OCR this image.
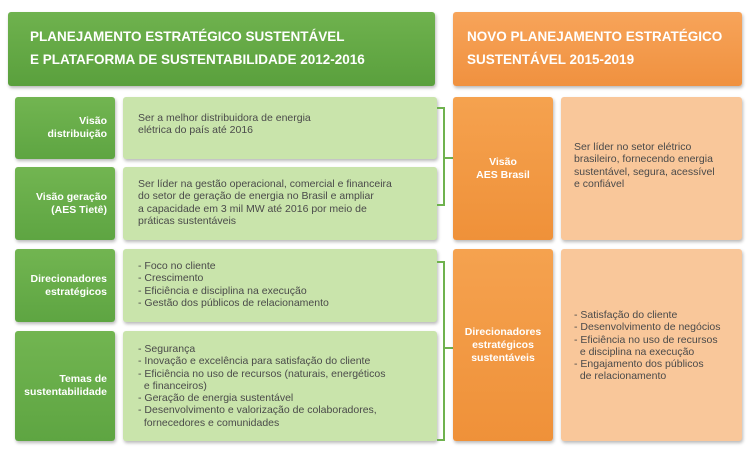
PLANEJAMENTO ESTRATÉGICO SUSTENTÁVEL
E PLATAFORMA DE SUSTENTABILIDADE 2012-2016
NOVO PLANEJAMENTO ESTRATÉGICO
SUSTENTÁVEL 2015-2019
Visão
distribuição
Ser a melhor distribuidora de energia
elétrica do país até 2016
Visão geração
(AES Tietê)
Ser líder na gestão operacional, comercial e financeira
do setor de geração de energia no Brasil e ampliar
a capacidade em 3 mil MW até 2016 por meio de
práticas sustentáveis
Direcionadores
estratégicos
- Foco no cliente
- Crescimento
- Eficiência e disciplina na execução
- Gestão dos públicos de relacionamento
Temas de
sustentabilidade
- Segurança
- Inovação e excelência para satisfação do cliente
- Eficiência no uso de recursos (naturais, energéticos
e financeiros)
- Geração de energia sustentável
- Desenvolvimento e valorização de colaboradores,
fornecedores e comunidades
Visão
AES Brasil
Ser líder no setor elétrico
brasileiro, fornecendo energia
sustentável, segura, acessível
e confiável
Direcionadores
estratégicos
sustentáveis
- Satisfação do cliente
- Desenvolvimento de negócios
- Eficiência no uso de recursos
e disciplina na execução
- Engajamento dos públicos
de relacionamento
